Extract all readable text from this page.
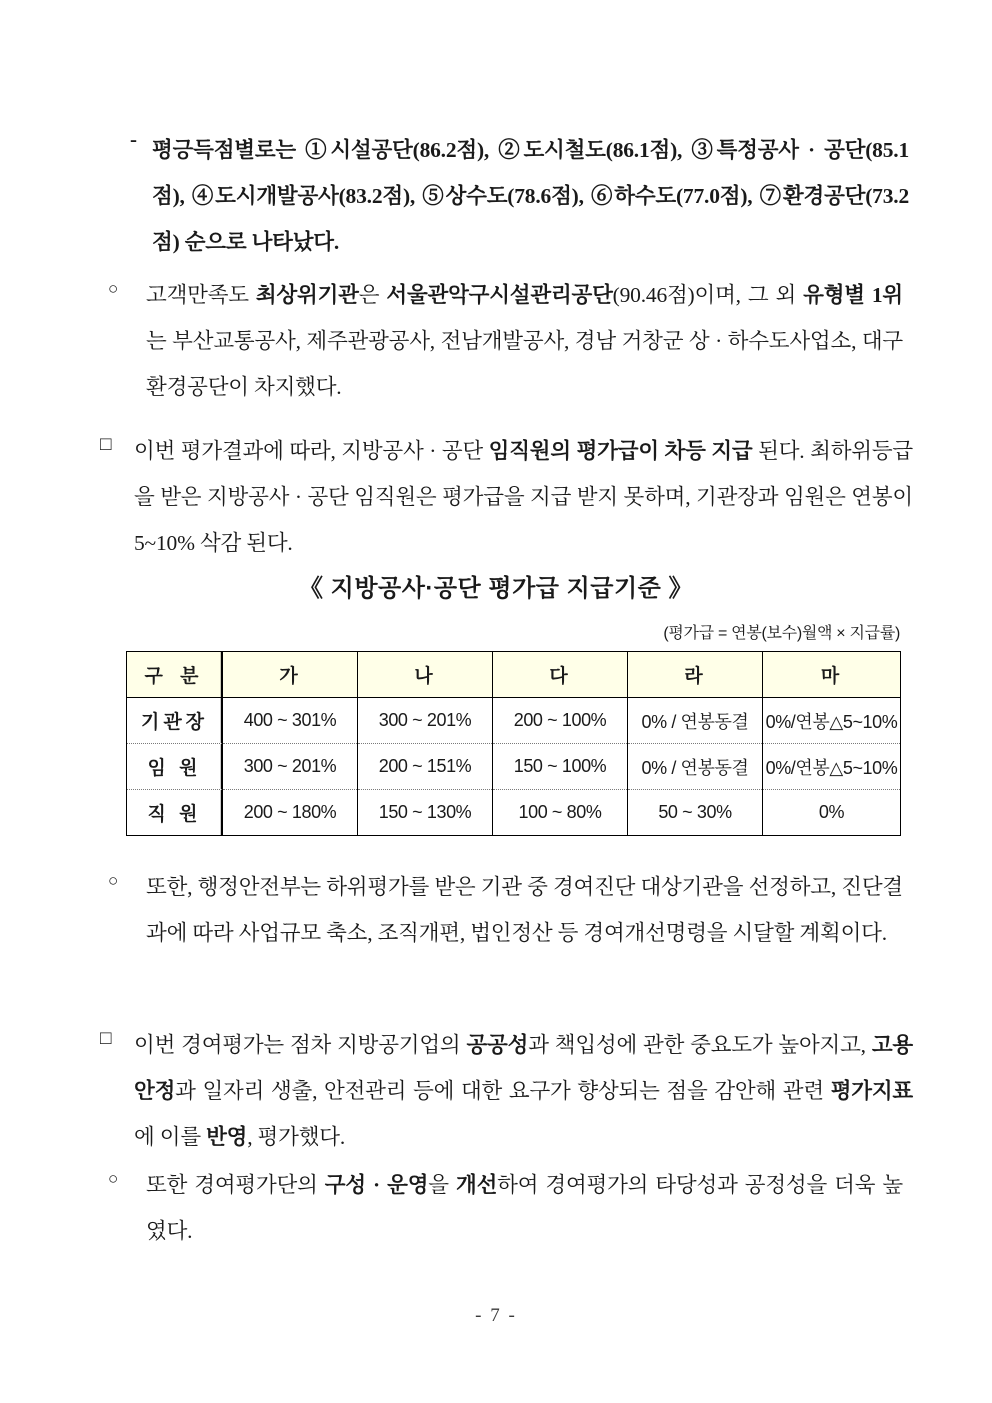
- 평긍득점별로는 ①시설공단(86.2점), ②도시철도(86.1점), ③특정공사 · 공단(85.1점), ④도시개발공사(83.2점), ⑤상수도(78.6점), ⑥하수도(77.0점), ⑦환경공단(73.2점) 순으로 나타났다.
○	고객만족도 최상위기관은 서울관악구시설관리공단(90.46점)이며, 그 외 유형별 1위는 부산교통공사, 제주관광공사, 전남개발공사, 경남 거창군 상 · 하수도사업소, 대구환경공단이 차지했다.
□	이번 평가결과에 따라, 지방공사 · 공단 임직원의 평가급이 차등 지급 된다. 최하위등급을 받은 지방공사 · 공단 임직원은 평가급을 지급 받지 못하며, 기관장과 임원은 연봉이 5~10% 삭감 된다.
《 지방공사·공단 평가급 지급기준 》
(평가급 = 연봉(보수)월액 × 지급률)
구 분	가	나	다	라	마
기관장	400 ~ 301%	300 ~ 201%	200 ~ 100%	0% / 연봉동결	0%/연봉△5~10%
임 원	300 ~ 201%	200 ~ 151%	150 ~ 100%	0% / 연봉동결	0%/연봉△5~10%
직 원	200 ~ 180%	150 ~ 130%	100 ~ 80%	50 ~ 30%	0%
○	또한, 행정안전부는 하위평가를 받은 기관 중 경여진단 대상기관을 선정하고, 진단결과에 따라 사업규모 축소, 조직개편, 법인정산 등 경여개선명령을 시달할 계획이다.
□	이번 경여평가는 점차 지방공기업의 공공성과 책입성에 관한 중요도가 높아지고, 고용안정과 일자리 생출, 안전관리 등에 대한 요구가 향상되는 점을 감안해 관련 평가지표에 이를 반영, 평가했다.
○	또한 경여평가단의 구성 · 운영을 개선하여 경여평가의 타당성과 공정성을 더욱 높였다.
- 7 -
